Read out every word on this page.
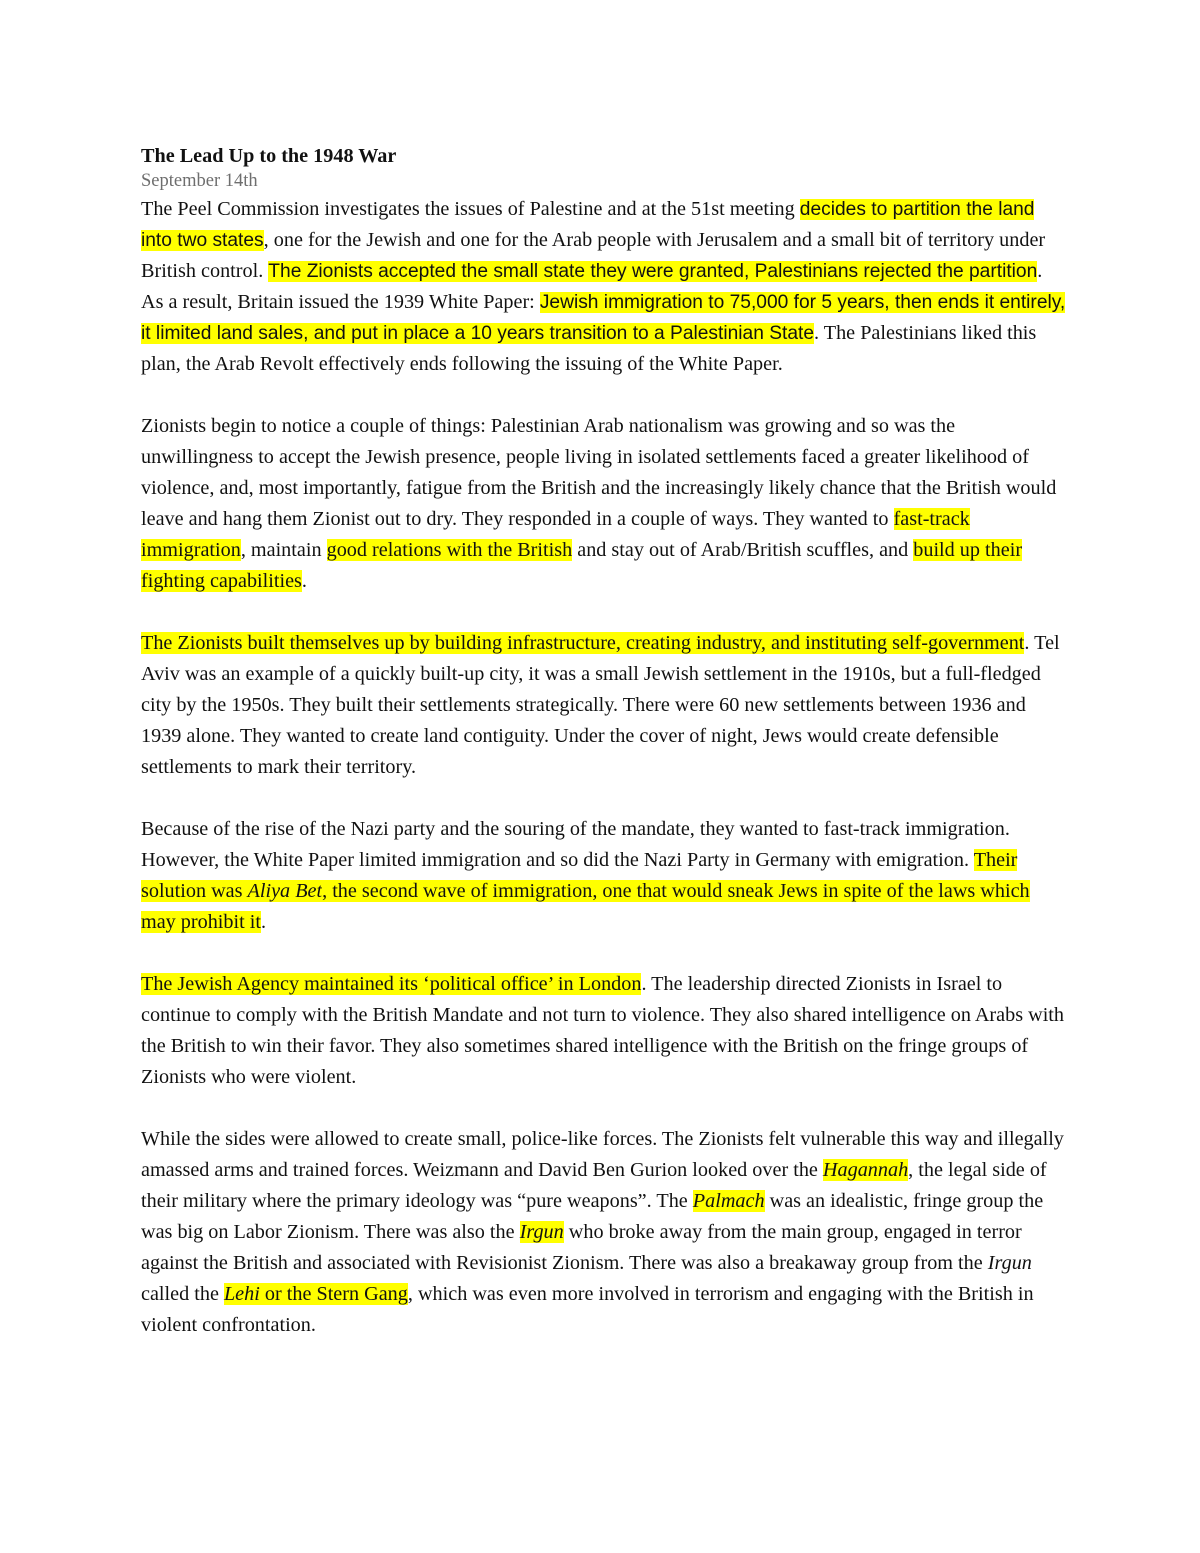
The Lead Up to the 1948 War

September 14th

The Peel Commission investigates the issues of Palestine and at the 51st meeting decides to partition the land into two states, one for the Jewish and one for the Arab people with Jerusalem and a small bit of territory under British control. The Zionists accepted the small state they were granted, Palestinians rejected the partition. As a result, Britain issued the 1939 White Paper: Jewish immigration to 75,000 for 5 years, then ends it entirely, it limited land sales, and put in place a 10 years transition to a Palestinian State. The Palestinians liked this plan, the Arab Revolt effectively ends following the issuing of the White Paper.

Zionists begin to notice a couple of things: Palestinian Arab nationalism was growing and so was the unwillingness to accept the Jewish presence, people living in isolated settlements faced a greater likelihood of violence, and, most importantly, fatigue from the British and the increasingly likely chance that the British would leave and hang them Zionist out to dry. They responded in a couple of ways. They wanted to fast-track immigration, maintain good relations with the British and stay out of Arab/British scuffles, and build up their fighting capabilities.

The Zionists built themselves up by building infrastructure, creating industry, and instituting self-government. Tel Aviv was an example of a quickly built-up city, it was a small Jewish settlement in the 1910s, but a full-fledged city by the 1950s. They built their settlements strategically. There were 60 new settlements between 1936 and 1939 alone. They wanted to create land contiguity. Under the cover of night, Jews would create defensible settlements to mark their territory.

Because of the rise of the Nazi party and the souring of the mandate, they wanted to fast-track immigration. However, the White Paper limited immigration and so did the Nazi Party in Germany with emigration. Their solution was Aliya Bet, the second wave of immigration, one that would sneak Jews in spite of the laws which may prohibit it.

The Jewish Agency maintained its ‘political office’ in London. The leadership directed Zionists in Israel to continue to comply with the British Mandate and not turn to violence. They also shared intelligence on Arabs with the British to win their favor. They also sometimes shared intelligence with the British on the fringe groups of Zionists who were violent.

While the sides were allowed to create small, police-like forces. The Zionists felt vulnerable this way and illegally amassed arms and trained forces. Weizmann and David Ben Gurion looked over the Hagannah, the legal side of their military where the primary ideology was “pure weapons”. The Palmach was an idealistic, fringe group the was big on Labor Zionism. There was also the Irgun who broke away from the main group, engaged in terror against the British and associated with Revisionist Zionism. There was also a breakaway group from the Irgun called the Lehi or the Stern Gang, which was even more involved in terrorism and engaging with the British in violent confrontation.
